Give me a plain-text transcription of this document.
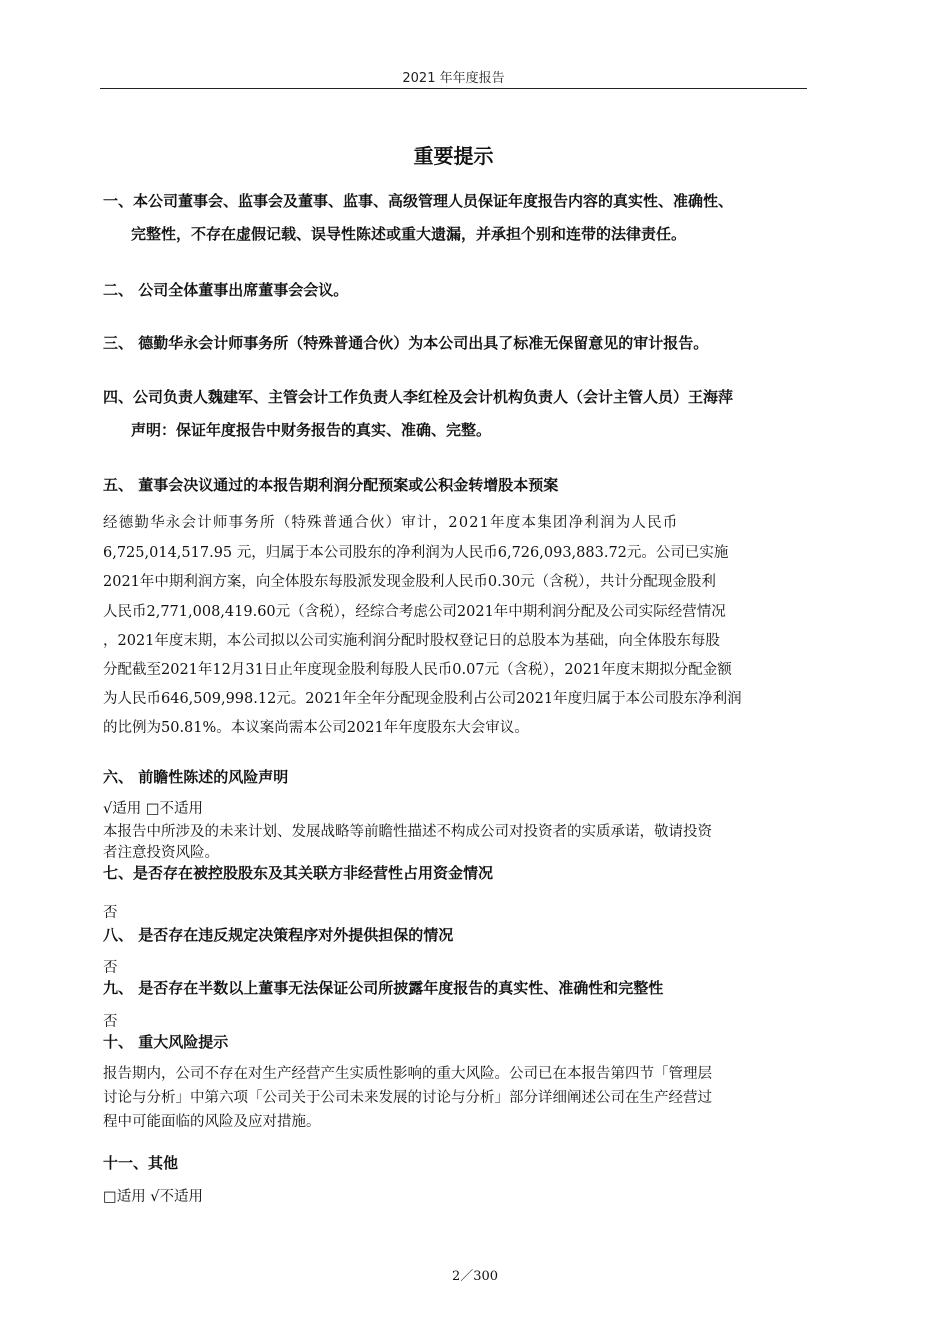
2021 年年度报告
重要提示
一、本公司董事会、监事会及董事、监事、高级管理人员保证年度报告内容的真实性、准确性、
完整性，不存在虚假记载、误导性陈述或重大遗漏，并承担个别和连带的法律责任。
二、 公司全体董事出席董事会会议。
三、 德勤华永会计师事务所（特殊普通合伙）为本公司出具了标准无保留意见的审计报告。
四、公司负责人魏建军、主管会计工作负责人李红栓及会计机构负责人（会计主管人员）王海萍
声明：保证年度报告中财务报告的真实、准确、完整。
五、 董事会决议通过的本报告期利润分配预案或公积金转增股本预案
经德勤华永会计师事务所（特殊普通合伙）审计，2021年度本集团净利润为人民币
6,725,014,517.95 元，归属于本公司股东的净利润为人民币6,726,093,883.72元。公司已实施
2021年中期利润方案，向全体股东每股派发现金股利人民币0.30元（含税），共计分配现金股利
人民币2,771,008,419.60元（含税），经综合考虑公司2021年中期利润分配及公司实际经营情况
，2021年度末期，本公司拟以公司实施利润分配时股权登记日的总股本为基础，向全体股东每股
分配截至2021年12月31日止年度现金股利每股人民币0.07元（含税），2021年度末期拟分配金额
为人民币646,509,998.12元。2021年全年分配现金股利占公司2021年度归属于本公司股东净利润
的比例为50.81%。本议案尚需本公司2021年年度股东大会审议。
六、 前瞻性陈述的风险声明
√适用 □不适用
本报告中所涉及的未来计划、发展战略等前瞻性描述不构成公司对投资者的实质承诺，敬请投资
者注意投资风险。
七、是否存在被控股股东及其关联方非经营性占用资金情况
否
八、 是否存在违反规定决策程序对外提供担保的情况
否
九、 是否存在半数以上董事无法保证公司所披露年度报告的真实性、准确性和完整性
否
十、 重大风险提示
报告期内，公司不存在对生产经营产生实质性影响的重大风险。公司已在本报告第四节「管理层
讨论与分析」中第六项「公司关于公司未来发展的讨论与分析」部分详细阐述公司在生产经营过
程中可能面临的风险及应对措施。
十一、其他
□适用 √不适用
2／300
